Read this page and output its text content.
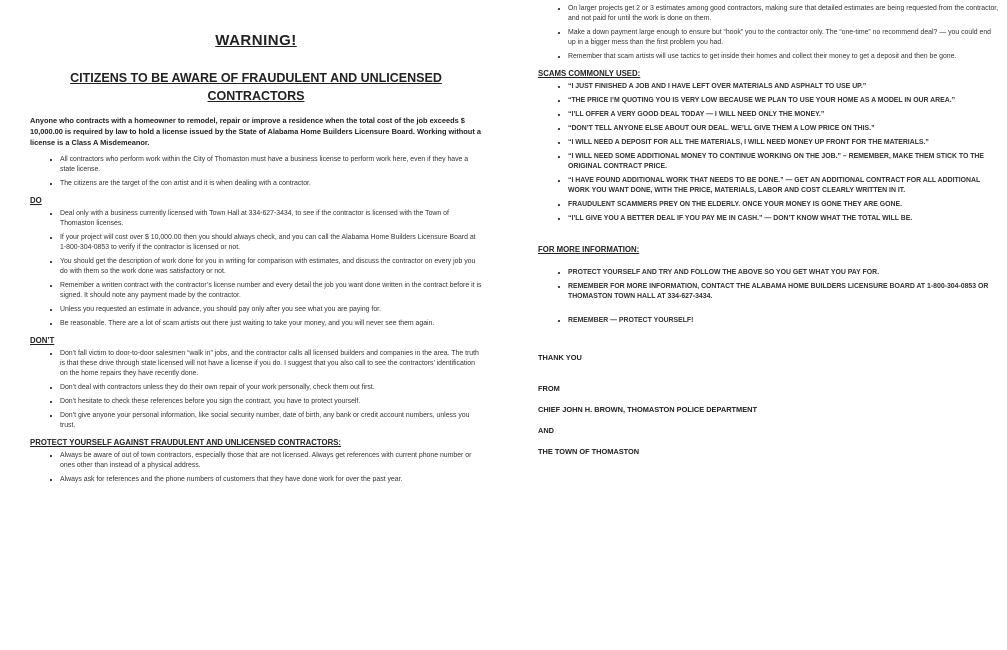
WARNING!
CITIZENS TO BE AWARE OF FRAUDULENT AND UNLICENSED CONTRACTORS

Anyone who contracts with a homeowner to remodel, repair or improve a residence when the total cost of the job exceeds $ 10,000.00 is required by law to hold a license issued by the State of Alabama Home Builders Licensure Board. Working without a license is a Class A Misdemeanor.

• All contractors who perform work within the City of Thomaston must have a business license to perform work here, even if they have a state license.
• The citizens are the target of the con artist and it is when dealing with a contractor.
DO
• Deal only with a business currently licensed with Town Hall at 334-627-3434, to see if the contractor is licensed with the Town of Thomaston licenses.
• If your project will cost over $ 10,000.00 then you should always check, and you can call the Alabama Home Builders Licensure Board at 1-800-304-0853 to verify if the contractor is licensed or not.
• You should get the description of work done for you in writing for comparison with estimates, and discuss the contractor on every job you do with them so the work done was satisfactory or not.
• Remember a written contract with the contractor’s license number and every detail the job you want done written in the contract before it is signed. It should note any payment made by the contractor.
• Unless you requested an estimate in advance, you should pay only after you see what you are paying for.
• Be reasonable. There are a lot of scam artists out there just waiting to take your money, and you will never see them again.
DON’T
• Don’t fall victim to door-to-door salesmen “walk in” jobs, and the contractor calls all licensed builders and companies in the area. The truth is that these drive through state licensed will not have a license if you do. I suggest that you also call to see the contractors’ identification on the home repairs they have recently done.
• Don’t deal with contractors unless they do their own repair of your work personally, check them out first.
• Don’t hesitate to check these references before you sign the contract, you have to protect yourself.
• Don’t give anyone your personal information, like social security number, date of birth, any bank or credit account numbers, unless you trust.
PROTECT YOURSELF AGAINST FRAUDULENT AND UNLICENSED CONTRACTORS:
• Always be aware of out of town contractors, especially those that are not licensed. Always get references with current phone number or ones other than instead of a physical address.
• Always ask for references and the phone numbers of customers that they have done work for over the past year.
• On larger projects get 2 or 3 estimates among good contractors, making sure that detailed estimates are being requested from the contractor, and not paid for until the work is done on them.
• Make a down payment large enough to ensure but “hook” you to the contractor only. The “one-time” no recommend deal? — you could end up in a bigger mess than the first problem you had.
• Remember that scam artists will use tactics to get inside their homes and collect their money to get a deposit and then be gone.
SCAMS COMMONLY USED:
• “I JUST FINISHED A JOB AND I HAVE LEFT OVER MATERIALS AND ASPHALT TO USE UP.”
• “THE PRICE I’M QUOTING YOU IS VERY LOW BECAUSE WE PLAN TO USE YOUR HOME AS A MODEL IN OUR AREA.”
• “I’LL OFFER A VERY GOOD DEAL TODAY — I WILL NEED ONLY THE MONEY.”
• “DON’T TELL ANYONE ELSE ABOUT OUR DEAL. WE’LL GIVE THEM A LOW PRICE ON THIS.”
• “I WILL NEED A DEPOSIT FOR ALL THE MATERIALS, I WILL NEED MONEY UP FRONT FOR THE MATERIALS.”
• “I WILL NEED SOME ADDITIONAL MONEY TO CONTINUE WORKING ON THE JOB.” – REMEMBER, MAKE THEM STICK TO THE ORIGINAL CONTRACT PRICE.
• “I HAVE FOUND ADDITIONAL WORK THAT NEEDS TO BE DONE.” — GET AN ADDITIONAL CONTRACT FOR ALL ADDITIONAL WORK YOU WANT DONE, WITH THE PRICE, MATERIALS, LABOR AND COST CLEARLY WRITTEN IN IT.
• FRAUDULENT SCAMMERS PREY ON THE ELDERLY. ONCE YOUR MONEY IS GONE THEY ARE GONE.
• “I’LL GIVE YOU A BETTER DEAL IF YOU PAY ME IN CASH.” — DON’T KNOW WHAT THE TOTAL WILL BE.
FOR MORE INFORMATION:
• PROTECT YOURSELF AND TRY AND FOLLOW THE ABOVE SO YOU GET WHAT YOU PAY FOR.
• REMEMBER FOR MORE INFORMATION, CONTACT THE ALABAMA HOME BUILDERS LICENSURE BOARD AT 1-800-304-0853 OR THOMASTON TOWN HALL AT 334-627-3434.
• REMEMBER — PROTECT YOURSELF!

THANK YOU

FROM

CHIEF JOHN H. BROWN, THOMASTON POLICE DEPARTMENT

AND

THE TOWN OF THOMASTON
